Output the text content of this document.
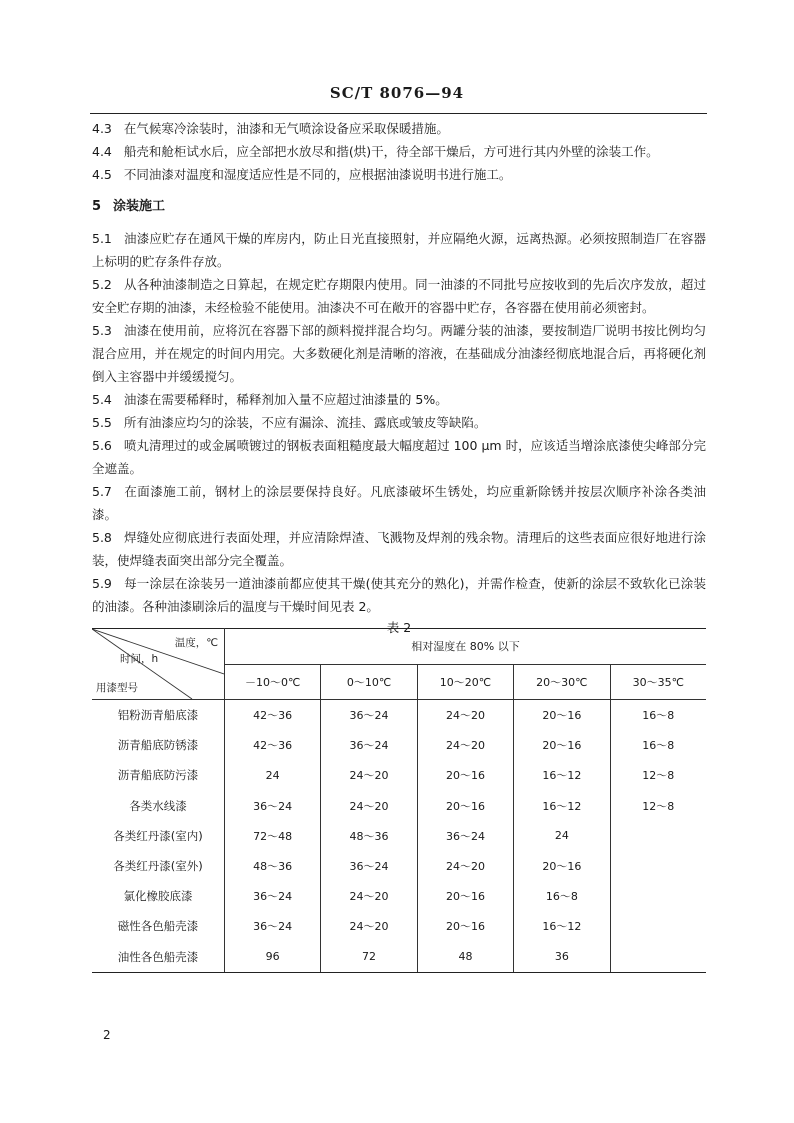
SC/T 8076—94

4.3 在气候寒冷涂装时，油漆和无气喷涂设备应采取保暖措施。

4.4 船壳和舱柜试水后，应全部把水放尽和揩(烘)干，待全部干燥后，方可进行其内外壁的涂装工作。

4.5 不同油漆对温度和湿度适应性是不同的，应根据油漆说明书进行施工。

5 涂装施工

5.1 油漆应贮存在通风干燥的库房内，防止日光直接照射，并应隔绝火源，远离热源。必须按照制造厂在容器上标明的贮存条件存放。

5.2 从各种油漆制造之日算起，在规定贮存期限内使用。同一油漆的不同批号应按收到的先后次序发放，超过安全贮存期的油漆，未经检验不能使用。油漆决不可在敞开的容器中贮存，各容器在使用前必须密封。

5.3 油漆在使用前，应将沉在容器下部的颜料搅拌混合均匀。两罐分装的油漆，要按制造厂说明书按比例均匀混合应用，并在规定的时间内用完。大多数硬化剂是清晰的溶液，在基础成分油漆经彻底地混合后，再将硬化剂倒入主容器中并缓缓搅匀。

5.4 油漆在需要稀释时，稀释剂加入量不应超过油漆量的 5%。

5.5 所有油漆应均匀的涂装，不应有漏涂、流挂、露底或皱皮等缺陷。

5.6 喷丸清理过的或金属喷镀过的钢板表面粗糙度最大幅度超过 100 μm 时，应该适当增涂底漆使尖峰部分完全遮盖。

5.7 在面漆施工前，钢材上的涂层要保持良好。凡底漆破坏生锈处，均应重新除锈并按层次顺序补涂各类油漆。

5.8 焊缝处应彻底进行表面处理，并应清除焊渣、飞溅物及焊剂的残余物。清理后的这些表面应很好地进行涂装，使焊缝表面突出部分完全覆盖。

5.9 每一涂层在涂装另一道油漆前都应使其干燥(使其充分的熟化)，并需作检查，使新的涂层不致软化已涂装的油漆。各种油漆刷涂后的温度与干燥时间见表 2。

表 2

温度，℃
时间，h
用漆型号	相对湿度在 80% 以下				
	－10～0℃	0～10℃	10～20℃	20～30℃	30～35℃
铝粉沥青船底漆	42～36	36～24	24～20	20～16	16～8
沥青船底防锈漆	42～36	36～24	24～20	20～16	16～8
沥青船底防污漆	24	24～20	20～16	16～12	12～8
各类水线漆	36～24	24～20	20～16	16～12	12～8
各类红丹漆(室内)	72～48	48～36	36～24	24	
各类红丹漆(室外)	48～36	36～24	24～20	20～16	
氯化橡胶底漆	36～24	24～20	20～16	16～8	
磁性各色船壳漆	36～24	24～20	20～16	16～12	
油性各色船壳漆	96	72	48	36	
2
